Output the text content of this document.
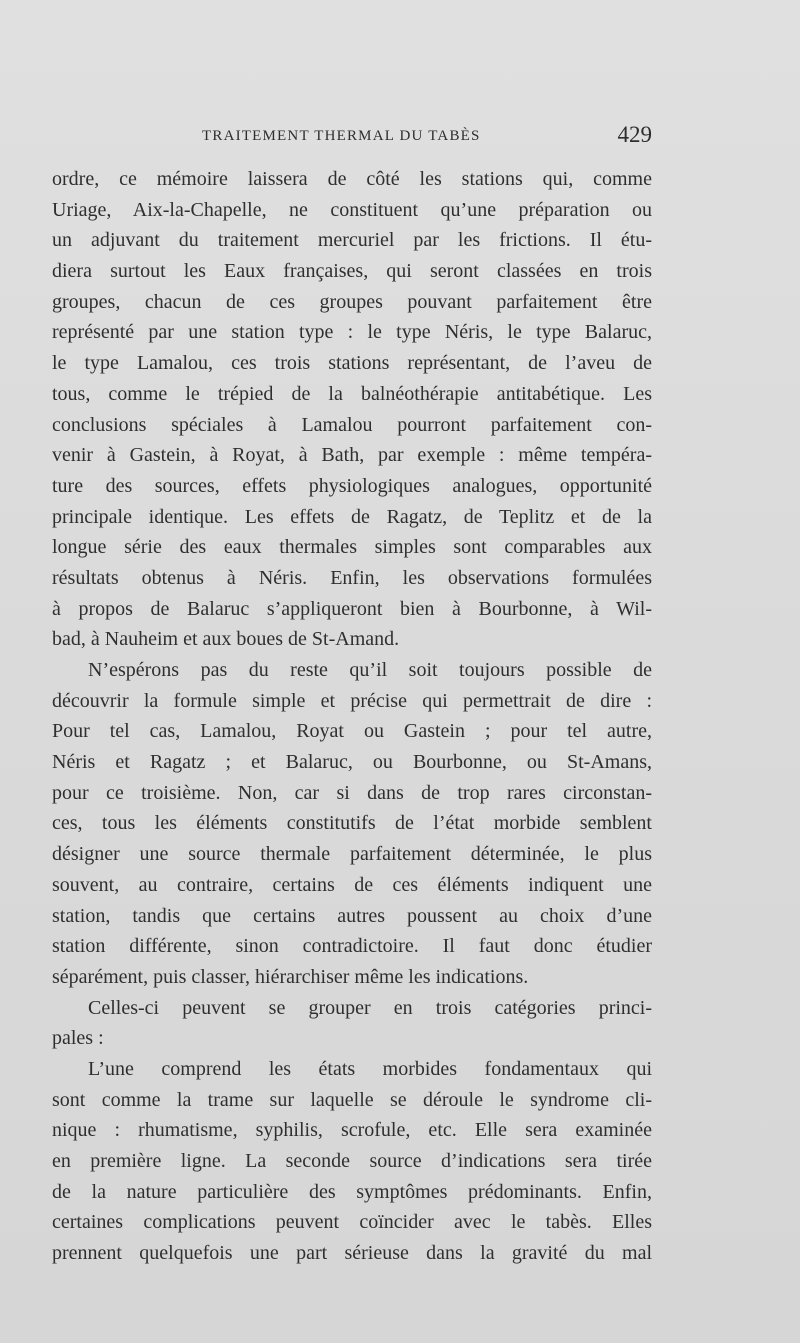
TRAITEMENT THERMAL DU TABÈS	429
ordre, ce mémoire laissera de côté les stations qui, comme
Uriage, Aix-la-Chapelle, ne constituent qu’une préparation ou
un adjuvant du traitement mercuriel par les frictions. Il étu-
diera surtout les Eaux françaises, qui seront classées en trois
groupes, chacun de ces groupes pouvant parfaitement être
représenté par une station type : le type Néris, le type Balaruc,
le type Lamalou, ces trois stations représentant, de l’aveu de
tous, comme le trépied de la balnéothérapie antitabétique. Les
conclusions spéciales à Lamalou pourront parfaitement con-
venir à Gastein, à Royat, à Bath, par exemple : même tempéra-
ture des sources, effets physiologiques analogues, opportunité
principale identique. Les effets de Ragatz, de Teplitz et de la
longue série des eaux thermales simples sont comparables aux
résultats obtenus à Néris. Enfin, les observations formulées
à propos de Balaruc s’appliqueront bien à Bourbonne, à Wil-
bad, à Nauheim et aux boues de St-Amand.
N’espérons pas du reste qu’il soit toujours possible de
découvrir la formule simple et précise qui permettrait de dire :
Pour tel cas, Lamalou, Royat ou Gastein ; pour tel autre,
Néris et Ragatz ; et Balaruc, ou Bourbonne, ou St-Amans,
pour ce troisième. Non, car si dans de trop rares circonstan-
ces, tous les éléments constitutifs de l’état morbide semblent
désigner une source thermale parfaitement déterminée, le plus
souvent, au contraire, certains de ces éléments indiquent une
station, tandis que certains autres poussent au choix d’une
station différente, sinon contradictoire. Il faut donc étudier
séparément, puis classer, hiérarchiser même les indications.
Celles-ci peuvent se grouper en trois catégories princi-
pales :
L’une comprend les états morbides fondamentaux qui
sont comme la trame sur laquelle se déroule le syndrome cli-
nique : rhumatisme, syphilis, scrofule, etc. Elle sera examinée
en première ligne. La seconde source d’indications sera tirée
de la nature particulière des symptômes prédominants. Enfin,
certaines complications peuvent coïncider avec le tabès. Elles
prennent quelquefois une part sérieuse dans la gravité du mal
